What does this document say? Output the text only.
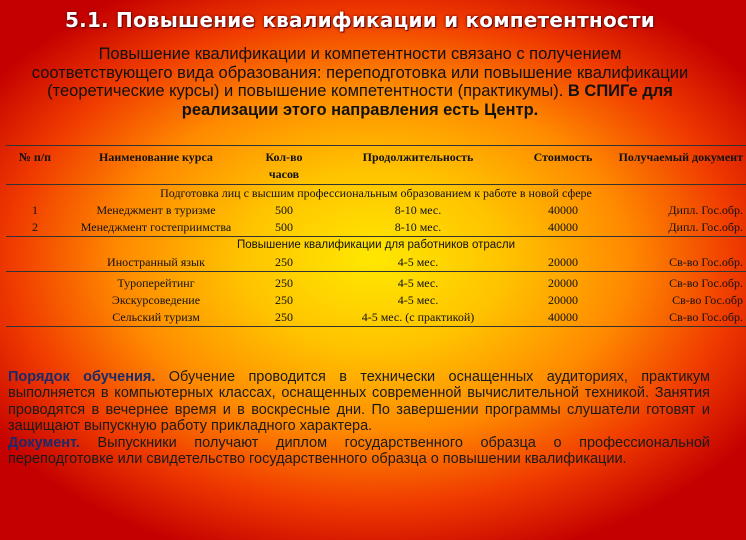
5.1. Повышение квалификации и компетентности

Повышение квалификации и компетентности связано с получением соответствующего вида образования: переподготовка или повышение квалификации (теоретические курсы) и повышение компетентности (практикумы). В СПИГе для реализации этого направления есть Центр.

№ п/п	Наименование курса	Кол-во часов	Продолжительность	Стоимость	Получаемый документ
Подготовка лиц с высшим профессиональным образованием к работе в новой сфере					
1	Менеджмент в туризме	500	8-10 мес.	40000	Дипл. Гос.обр.
2	Менеджмент гостеприимства	500	8-10 мес.	40000	Дипл. Гос.обр.
Повышение квалификации для работников отрасли					
	Иностранный язык	250	4-5 мес.	20000	Св-во Гос.обр.
	Туроперейтинг	250	4-5 мес.	20000	Св-во Гос.обр.
	Экскурсоведение	250	4-5 мес.	20000	Св-во Гос.обр
	Сельский туризм	250	4-5 мес. (с практикой)	40000	Св-во Гос.обр.

Порядок обучения. Обучение проводится в технически оснащенных аудиториях, практикум выполняется в компьютерных классах, оснащенных современной вычислительной техникой. Занятия проводятся в вечернее время и в воскресные дни. По завершении программы слушатели готовят и защищают выпускную работу прикладного характера.

Документ. Выпускники получают диплом государственного образца о профессиональной переподготовке или свидетельство государственного образца о повышении квалификации.
